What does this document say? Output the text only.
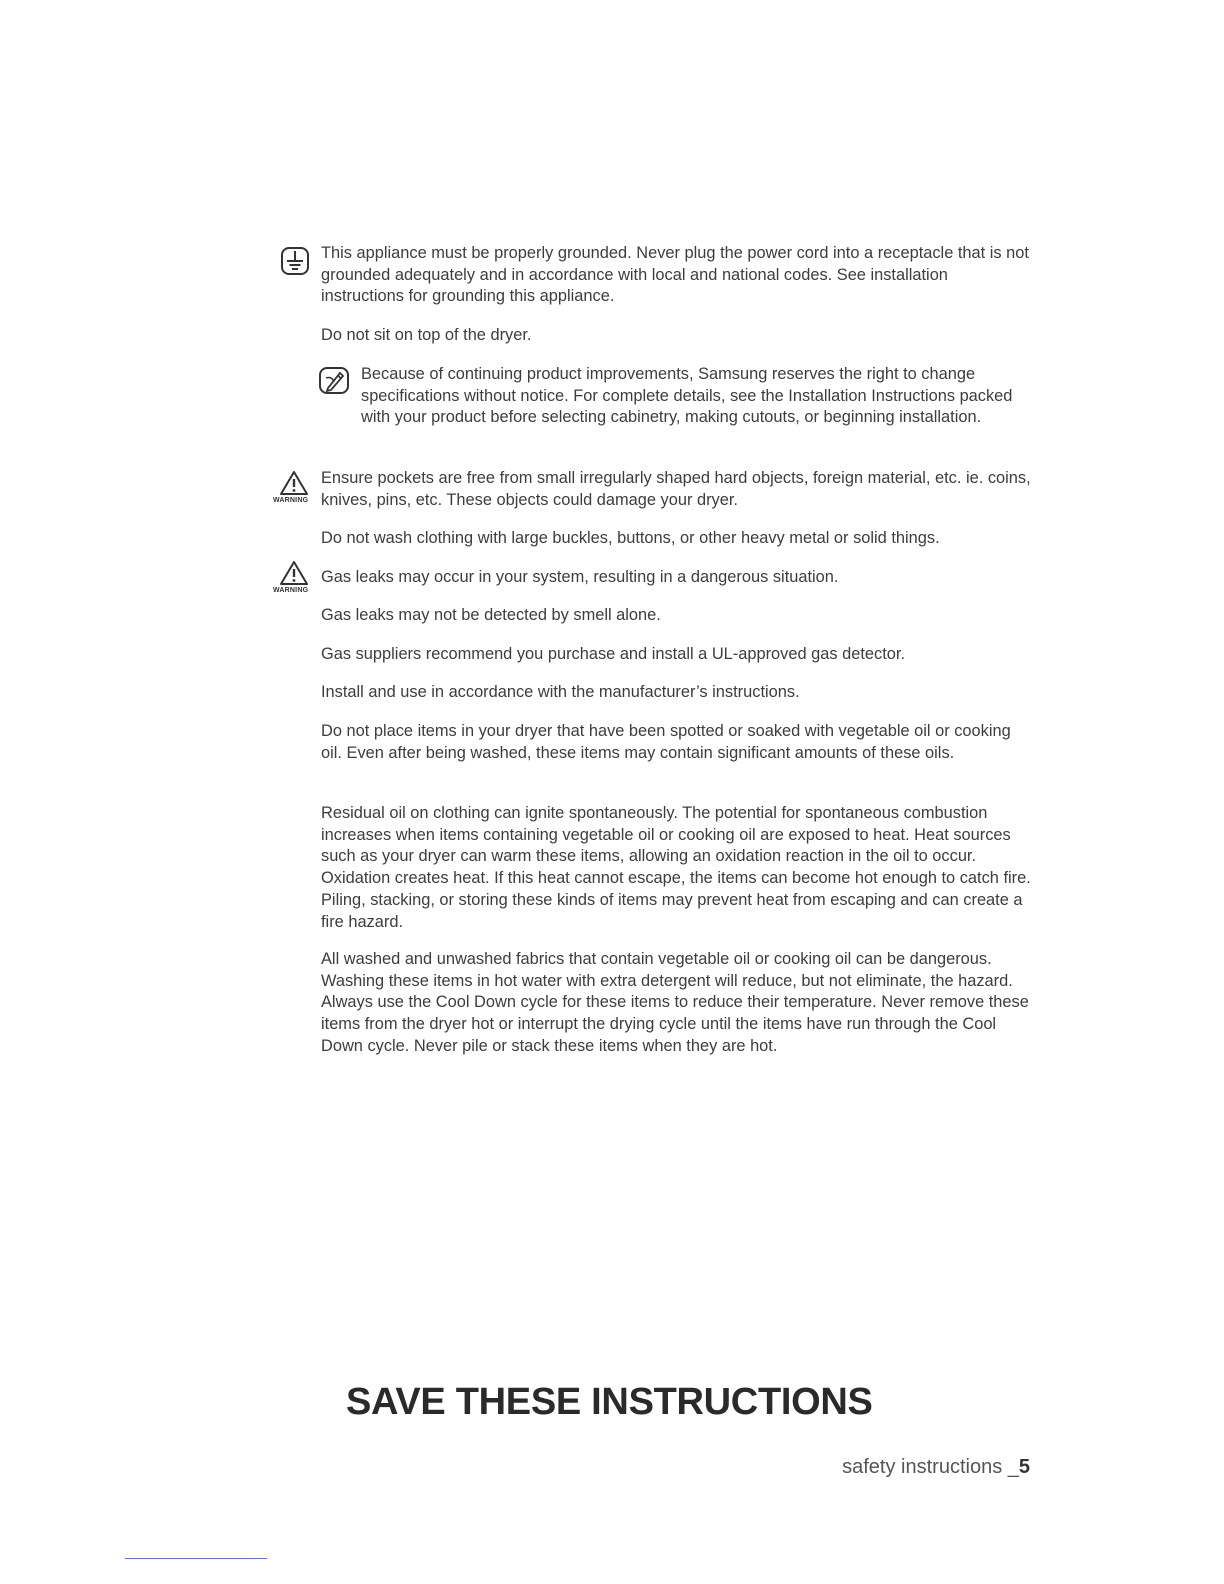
This appliance must be properly grounded. Never plug the power cord into a receptacle that is not grounded adequately and in accordance with local and national codes. See installation instructions for grounding this appliance.

Do not sit on top of the dryer.

Because of continuing product improvements, Samsung reserves the right to change specifications without notice. For complete details, see the Installation Instructions packed with your product before selecting cabinetry, making cutouts, or beginning installation.

WARNING

Ensure pockets are free from small irregularly shaped hard objects, foreign material, etc. ie. coins, knives, pins, etc. These objects could damage your dryer.

Do not wash clothing with large buckles, buttons, or other heavy metal or solid things.

WARNING

Gas leaks may occur in your system, resulting in a dangerous situation.

Gas leaks may not be detected by smell alone.

Gas suppliers recommend you purchase and install a UL-approved gas detector.

Install and use in accordance with the manufacturer’s instructions.

Do not place items in your dryer that have been spotted or soaked with vegetable oil or cooking oil. Even after being washed, these items may contain significant amounts of these oils.

Residual oil on clothing can ignite spontaneously. The potential for spontaneous combustion increases when items containing vegetable oil or cooking oil are exposed to heat. Heat sources such as your dryer can warm these items, allowing an oxidation reaction in the oil to occur. Oxidation creates heat. If this heat cannot escape, the items can become hot enough to catch fire. Piling, stacking, or storing these kinds of items may prevent heat from escaping and can create a fire hazard.

All washed and unwashed fabrics that contain vegetable oil or cooking oil can be dangerous. Washing these items in hot water with extra detergent will reduce, but not eliminate, the hazard. Always use the Cool Down cycle for these items to reduce their temperature. Never remove these items from the dryer hot or interrupt the drying cycle until the items have run through the Cool Down cycle. Never pile or stack these items when they are hot.

SAVE THESE INSTRUCTIONS
safety instructions _5
